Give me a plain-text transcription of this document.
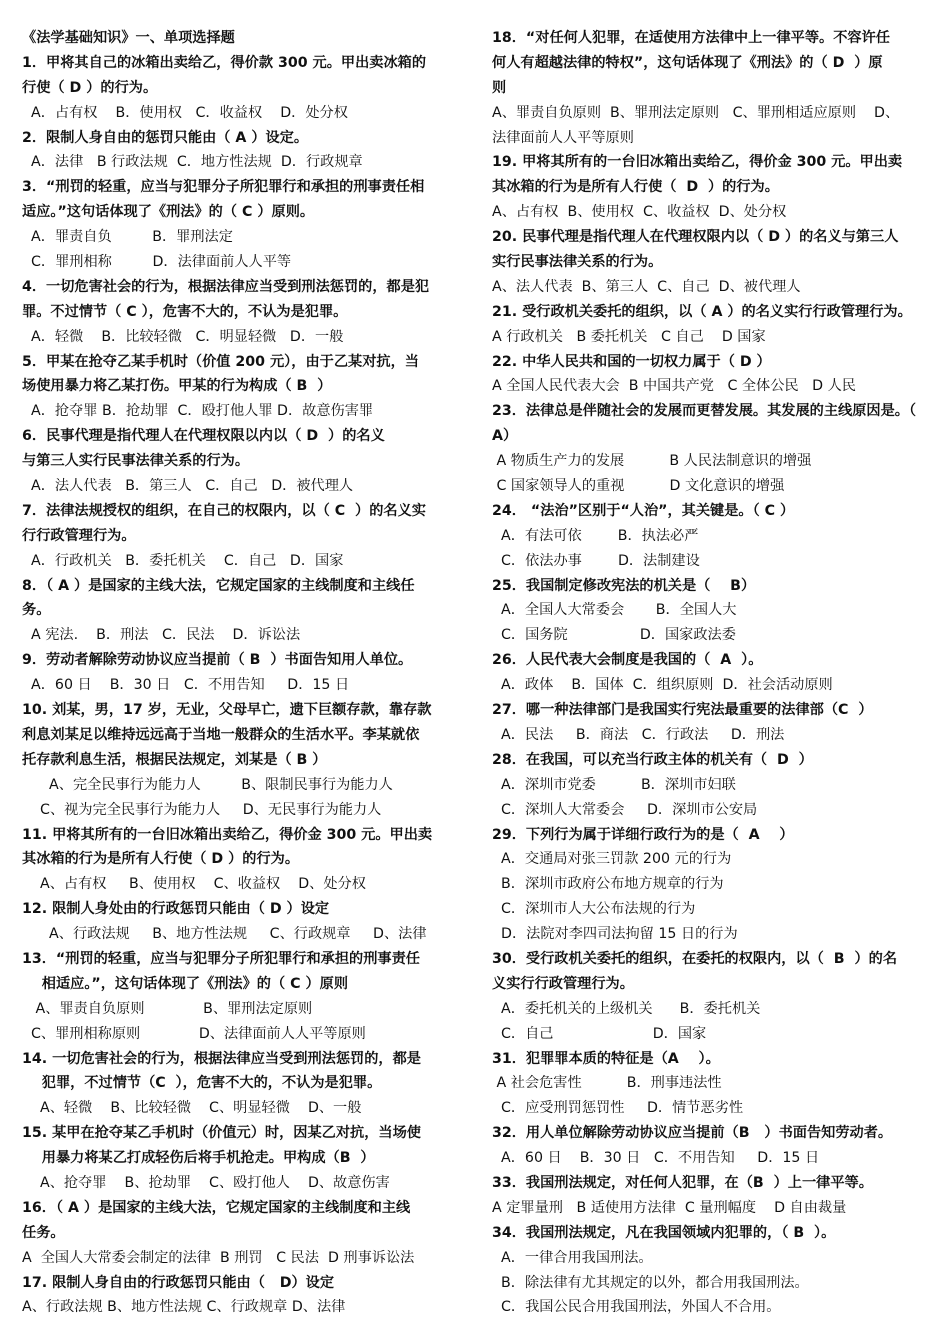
《法学基础知识》一、单项选择题
1．甲将其自己的冰箱出卖给乙，得价款 300 元。甲出卖冰箱的
行使（ D ）的行为。
A．占有权    B．使用权   C．收益权    D．处分权
2．限制人身自由的惩罚只能由（ A ）设定。
A．法律   B 行政法规  C．地方性法规  D．行政规章
3．“刑罚的轻重，应当与犯罪分子所犯罪行和承担的刑事责任相
适应。”这句话体现了《刑法》的（ C ）原则。
A．罪责自负         B．罪刑法定
C．罪刑相称         D．法律面前人人平等
4．一切危害社会的行为，根据法律应当受到刑法惩罚的，都是犯
罪。不过情节（ C ），危害不大的，不认为是犯罪。
A．轻微    B．比较轻微   C．明显轻微   D．一般
5．甲某在抢夺乙某手机时（价值 200 元），由于乙某对抗，当
场使用暴力将乙某打伤。甲某的行为构成（ B  ）
A．抢夺罪 B．抢劫罪  C．殴打他人罪 D．故意伤害罪
6．民事代理是指代理人在代理权限以内以（ D  ）的名义
与第三人实行民事法律关系的行为。
A．法人代表   B．第三人   C．自己   D．被代理人
7．法律法规授权的组织，在自己的权限内，以（ C  ）的名义实
行行政管理行为。
A．行政机关   B．委托机关    C．自己   D．国家
8．（ A ）是国家的主线大法，它规定国家的主线制度和主线任
务。
A 宪法.    B．刑法   C．民法    D．诉讼法
9．劳动者解除劳动协议应当提前（ B  ）书面告知用人单位。
A．60 日    B．30 日   C．不用告知     D．15 日
10. 刘某，男，17 岁，无业，父母早亡，遗下巨额存款，靠存款
利息刘某足以维持远远高于当地一般群众的生活水平。李某就依
托存款利息生活，根据民法规定，刘某是（ B ）
A、完全民事行为能力人         B、限制民事行为能力人
C、视为完全民事行为能力人     D、无民事行为能力人
11. 甲将其所有的一台旧冰箱出卖给乙，得价金 300 元。甲出卖
其冰箱的行为是所有人行使（ D ）的行为。
A、占有权     B、使用权    C、收益权    D、处分权
12. 限制人身处由的行政惩罚只能由（ D ）设定
A、行政法规     B、地方性法规     C、行政规章     D、法律
13．“刑罚的轻重，应当与犯罪分子所犯罪行和承担的刑事责任
相适应。”，这句话体现了《刑法》的（ C ）原则
A、罪责自负原则             B、罪刑法定原则
C、罪刑相称原则             D、法律面前人人平等原则
14. 一切危害社会的行为，根据法律应当受到刑法惩罚的，都是
犯罪，不过情节（C  ），危害不大的，不认为是犯罪。
A、轻微    B、比较轻微    C、明显轻微    D、一般
15. 某甲在抢夺某乙手机时（价值元）时，因某乙对抗，当场使
用暴力将某乙打成轻伤后将手机抢走。甲构成（B  ）
A、抢夺罪    B、抢劫罪    C、殴打他人    D、故意伤害
16．（ A ）是国家的主线大法，它规定国家的主线制度和主线
任务。
A  全国人大常委会制定的法律  B 刑罚   C 民法  D 刑事诉讼法
17. 限制人身自由的行政惩罚只能由（   D）设定
A、行政法规 B、地方性法规 C、行政规章 D、法律
18．“对任何人犯罪，在适使用方法律中上一律平等。不容许任
何人有超越法律的特权”，这句话体现了《刑法》的（ D  ）原
则
A、罪责自负原则  B、罪刑法定原则   C、罪刑相适应原则    D、
法律面前人人平等原则
19. 甲将其所有的一台旧冰箱出卖给乙，得价金 300 元。甲出卖
其冰箱的行为是所有人行使（  D  ）的行为。
A、占有权  B、使用权  C、收益权  D、处分权
20. 民事代理是指代理人在代理权限内以（ D ）的名义与第三人
实行民事法律关系的行为。
A、法人代表  B、第三人  C、自己  D、被代理人
21. 受行政机关委托的组织，以（ A ）的名义实行行政管理行为。
A 行政机关   B 委托机关   C 自己    D 国家
22. 中华人民共和国的一切权力属于（ D ）
A 全国人民代表大会  B 中国共产党   C 全体公民   D 人民
23．法律总是伴随社会的发展而更替发展。其发展的主线原因是。（
A）
A 物质生产力的发展          B 人民法制意识的增强
C 国家领导人的重视          D 文化意识的增强
24． “法治”区别于“人治”，其关键是。（ C ）
A．有法可依        B．执法必严
C．依法办事        D．法制建设
25．我国制定修改宪法的机关是（    B）
A．全国人大常委会       B．全国人大
C．国务院                D．国家政法委
26．人民代表大会制度是我国的（  A  ）。
A．政体    B．国体  C．组织原则  D．社会活动原则
27．哪一种法律部门是我国实行宪法最重要的法律部（C  ）
A．民法     B．商法   C．行政法     D．刑法
28．在我国，可以充当行政主体的机关有（  D  ）
A．深圳市党委          B．深圳市妇联
C．深圳人大常委会     D．深圳市公安局
29．下列行为属于详细行政行为的是（  A    ）
A．交通局对张三罚款 200 元的行为
B．深圳市政府公布地方规章的行为
C．深圳市人大公布法规的行为
D．法院对李四司法拘留 15 日的行为
30．受行政机关委托的组织，在委托的权限内，以（  B  ）的名
义实行行政管理行为。
A．委托机关的上级机关      B．委托机关
C．自己                      D．国家
31．犯罪罪本质的特征是（A    ）。
A 社会危害性          B．刑事违法性
C．应受刑罚惩罚性     D．情节恶劣性
32．用人单位解除劳动协议应当提前（B   ）书面告知劳动者。
A．60 日    B．30 日   C．不用告知     D．15 日
33．我国刑法规定，对任何人犯罪，在（B  ）上一律平等。
A 定罪量刑   B 适使用方法律  C 量刑幅度    D 自由裁量
34．我国刑法规定，凡在我国领域内犯罪的，（ B  ）。
A．一律合用我国刑法。
B．除法律有尤其规定的以外，都合用我国刑法。
C．我国公民合用我国刑法，外国人不合用。
